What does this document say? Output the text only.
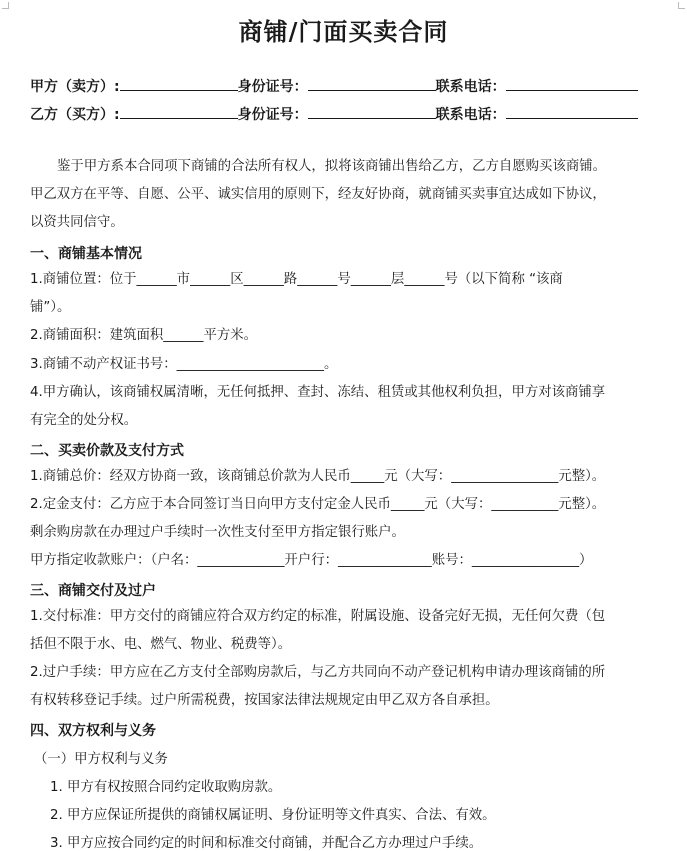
商铺/门面买卖合同
甲方（卖方）:	身份证号：	联系电话：
乙方（买方）:	身份证号：	联系电话：
鉴于甲方系本合同项下商铺的合法所有权人，拟将该商铺出售给乙方，乙方自愿购买该商铺。
甲乙双方在平等、自愿、公平、诚实信用的原则下，经友好协商，就商铺买卖事宜达成如下协议，
以资共同信守。
一、商铺基本情况
1.商铺位置：位于______市______区______路______号______层______号（以下简称 “该商
铺”）。
2.商铺面积：建筑面积______平方米。
3.商铺不动产权证书号：______________________。
4.甲方确认，该商铺权属清晰，无任何抵押、查封、冻结、租赁或其他权利负担，甲方对该商铺享
有完全的处分权。
二、买卖价款及支付方式
1.商铺总价：经双方协商一致，该商铺总价款为人民币_____元（大写：________________元整）。
2.定金支付：乙方应于本合同签订当日向甲方支付定金人民币_____元（大写：__________元整）。
剩余购房款在办理过户手续时一次性支付至甲方指定银行账户。
甲方指定收款账户：（户名：_____________开户行：______________账号：________________）
三、商铺交付及过户
1.交付标准：甲方交付的商铺应符合双方约定的标准，附属设施、设备完好无损，无任何欠费（包
括但不限于水、电、燃气、物业、税费等）。
2.过户手续：甲方应在乙方支付全部购房款后，与乙方共同向不动产登记机构申请办理该商铺的所
有权转移登记手续。过户所需税费，按国家法律法规规定由甲乙双方各自承担。
四、双方权利与义务
（一）甲方权利与义务
1. 甲方有权按照合同约定收取购房款。
2. 甲方应保证所提供的商铺权属证明、身份证明等文件真实、合法、有效。
3. 甲方应按合同约定的时间和标准交付商铺，并配合乙方办理过户手续。
